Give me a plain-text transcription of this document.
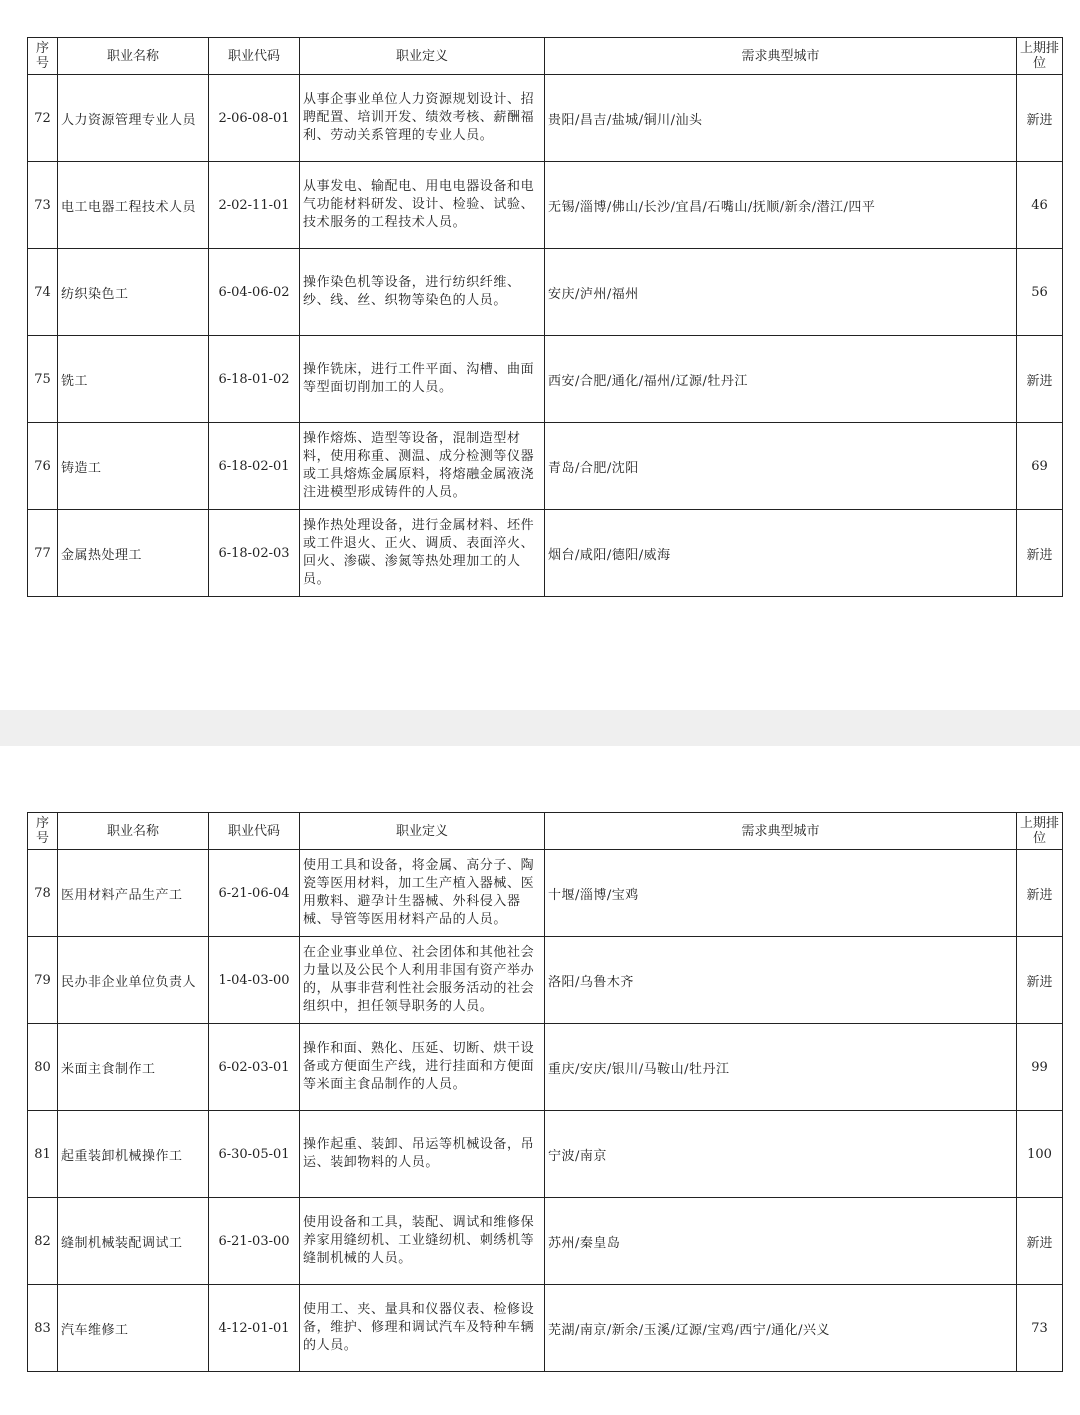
序号	职业名称	职业代码	职业定义	需求典型城市	上期排位
72	人力资源管理专业人员	2-06-08-01	从事企事业单位人力资源规划设计、招聘配置、培训开发、绩效考核、薪酬福利、劳动关系管理的专业人员。	贵阳/昌吉/盐城/铜川/汕头	新进
73	电工电器工程技术人员	2-02-11-01	从事发电、输配电、用电电器设备和电气功能材料研发、设计、检验、试验、技术服务的工程技术人员。	无锡/淄博/佛山/长沙/宜昌/石嘴山/抚顺/新余/潜江/四平	46
74	纺织染色工	6-04-06-02	操作染色机等设备，进行纺织纤维、纱、线、丝、织物等染色的人员。	安庆/泸州/福州	56
75	铣工	6-18-01-02	操作铣床，进行工件平面、沟槽、曲面等型面切削加工的人员。	西安/合肥/通化/福州/辽源/牡丹江	新进
76	铸造工	6-18-02-01	操作熔炼、造型等设备，混制造型材料，使用称重、测温、成分检测等仪器或工具熔炼金属原料，将熔融金属液浇注进模型形成铸件的人员。	青岛/合肥/沈阳	69
77	金属热处理工	6-18-02-03	操作热处理设备，进行金属材料、坯件或工件退火、正火、调质、表面淬火、回火、渗碳、渗氮等热处理加工的人员。	烟台/咸阳/德阳/威海	新进
序号	职业名称	职业代码	职业定义	需求典型城市	上期排位
78	医用材料产品生产工	6-21-06-04	使用工具和设备，将金属、高分子、陶瓷等医用材料，加工生产植入器械、医用敷料、避孕计生器械、外科侵入器械、导管等医用材料产品的人员。	十堰/淄博/宝鸡	新进
79	民办非企业单位负责人	1-04-03-00	在企业事业单位、社会团体和其他社会力量以及公民个人利用非国有资产举办的，从事非营利性社会服务活动的社会组织中，担任领导职务的人员。	洛阳/乌鲁木齐	新进
80	米面主食制作工	6-02-03-01	操作和面、熟化、压延、切断、烘干设备或方便面生产线，进行挂面和方便面等米面主食品制作的人员。	重庆/安庆/银川/马鞍山/牡丹江	99
81	起重装卸机械操作工	6-30-05-01	操作起重、装卸、吊运等机械设备，吊运、装卸物料的人员。	宁波/南京	100
82	缝制机械装配调试工	6-21-03-00	使用设备和工具，装配、调试和维修保养家用缝纫机、工业缝纫机、刺绣机等缝制机械的人员。	苏州/秦皇岛	新进
83	汽车维修工	4-12-01-01	使用工、夹、量具和仪器仪表、检修设备，维护、修理和调试汽车及特种车辆的人员。	芜湖/南京/新余/玉溪/辽源/宝鸡/西宁/通化/兴义	73
